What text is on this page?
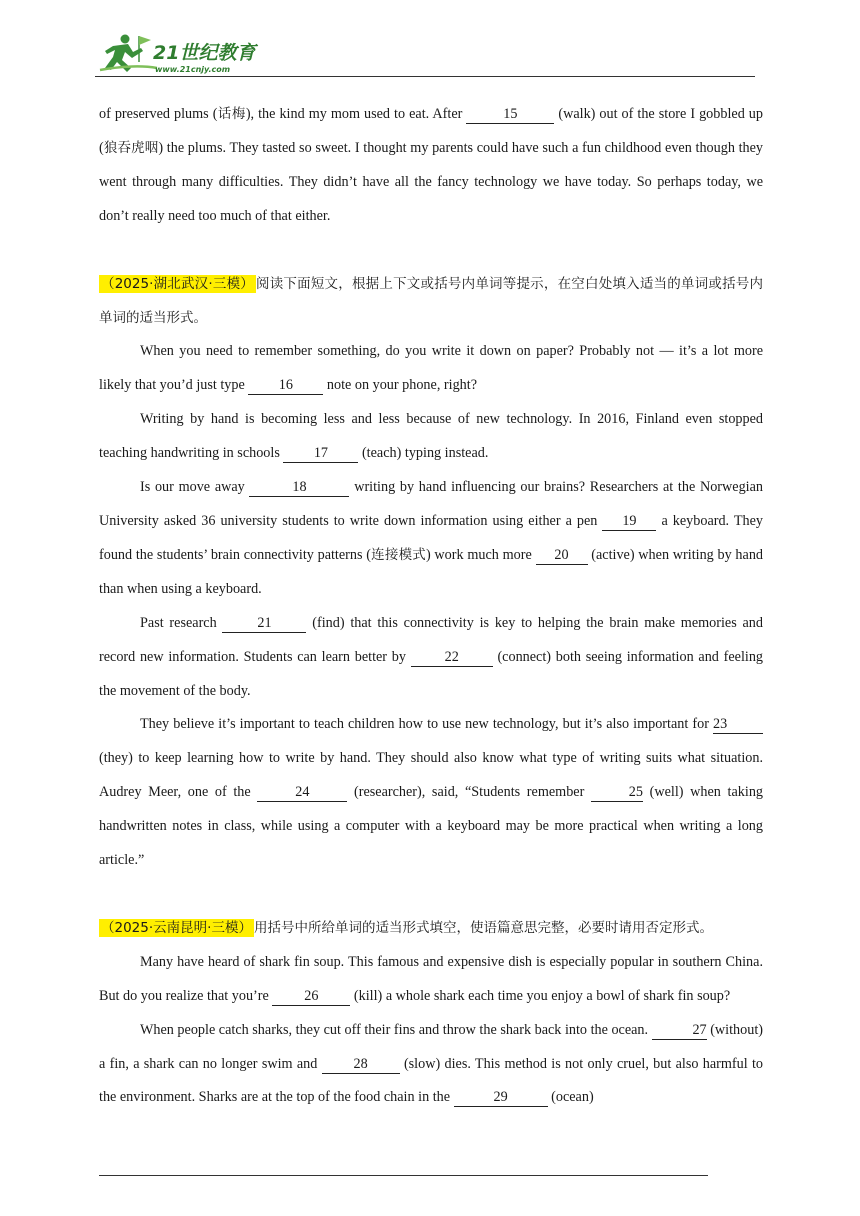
21世纪教育
www.21cnjy.com

of preserved plums (话梅), the kind my mom used to eat. After	15	(walk) out of the store I gobbled up (狼吞虎咽) the plums. They tasted so sweet. I thought my parents could have such a fun childhood even though they went through many difficulties. They didn’t have all the fancy technology we have today. So perhaps today, we don’t really need too much of that either.

（2025·湖北武汉·三模） 阅读下面短文，根据上下文或括号内单词等提示，在空白处填入适当的单词或括号内单词的适当形式。

When you need to remember something, do you write it down on paper? Probably not — it’s a lot more likely that you’d just type 16 note on your phone, right?

Writing by hand is becoming less and less because of new technology. In 2016, Finland even stopped teaching handwriting in schools 17 (teach) typing instead.

Is our move away	18	writing by hand influencing our brains? Researchers at the Norwegian University asked 36 university students to write down information using either a pen 19 a keyboard. They found the students’ brain connectivity patterns (连接模式) work much more 20 (active) when writing by hand than when using a keyboard.

Past research	21	(find) that this connectivity is key to helping the brain make memories and record new information. Students can learn better by	22	(connect) both seeing information and feeling the movement of the body.

They believe it’s important to teach children how to use new technology, but it’s also important for 23 (they) to keep learning how to write by hand. They should also know what type of writing suits what situation. Audrey Meer, one of the	24	(researcher), said, “Students remember	25 (well) when taking handwritten notes in class, while using a computer with a keyboard may be more practical when writing a long article.”

（2025·云南昆明·三模） 用括号中所给单词的适当形式填空，使语篇意思完整，必要时请用否定形式。

Many have heard of shark fin soup. This famous and expensive dish is especially popular in southern China. But do you realize that you’re 26 (kill) a whole shark each time you enjoy a bowl of shark fin soup?

When people catch sharks, they cut off their fins and throw the shark back into the ocean.	27 (without) a fin, a shark can no longer swim and	28	(slow) dies. This method is not only cruel, but also harmful to the environment. Sharks are at the top of the food chain in the	29	(ocean)
